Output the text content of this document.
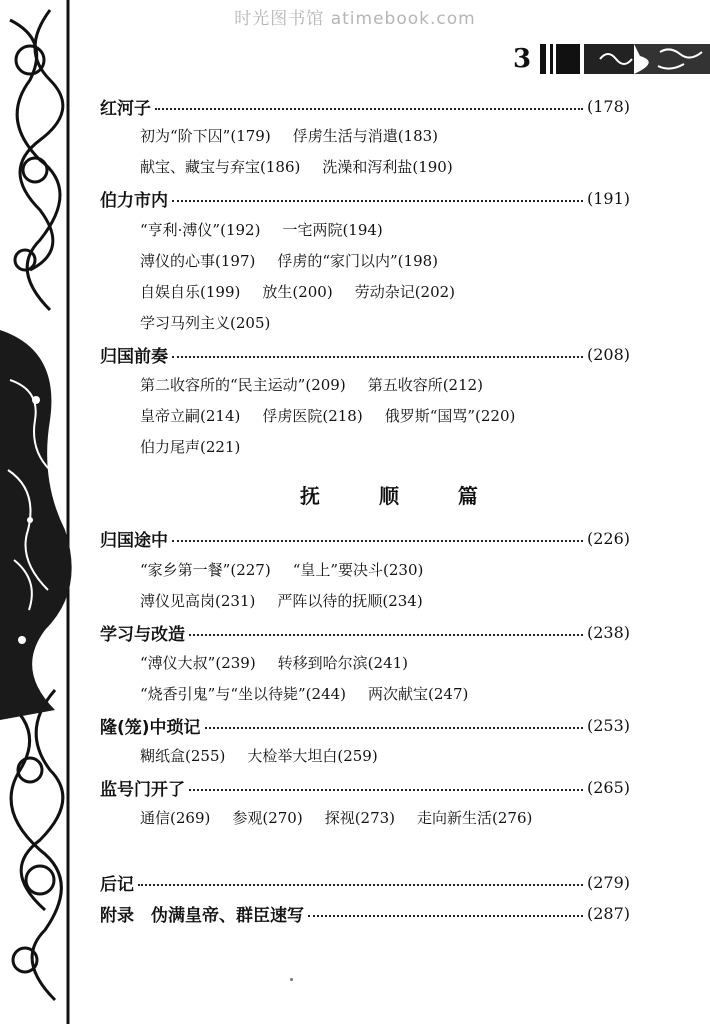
时光图书馆 atimebook.com
3
红河子	(178)
初为“阶下囚”(179) 俘虏生活与消遣(183)
献宝、藏宝与弃宝(186) 洗澡和泻利盐(190)
伯力市内	(191)
“亨利·溥仪”(192) 一宅两院(194)
溥仪的心事(197) 俘虏的“家门以内”(198)
自娱自乐(199) 放生(200) 劳动杂记(202)
学习马列主义(205)
归国前奏	(208)
第二收容所的“民主运动”(209) 第五收容所(212)
皇帝立嗣(214) 俘虏医院(218) 俄罗斯“国骂”(220)
伯力尾声(221)
归国途中	(226)
“家乡第一餐”(227) “皇上”要决斗(230)
溥仪见高岗(231) 严阵以待的抚顺(234)
学习与改造	(238)
“溥仪大叔”(239) 转移到哈尔滨(241)
“烧香引鬼”与“坐以待毙”(244) 两次献宝(247)
隆(笼)中琐记	(253)
糊纸盒(255) 大检举大坦白(259)
监号门开了	(265)
通信(269) 参观(270) 探视(273) 走向新生活(276)
后记	(279)
附录　伪满皇帝、群臣速写	(287)
抚 顺 篇
